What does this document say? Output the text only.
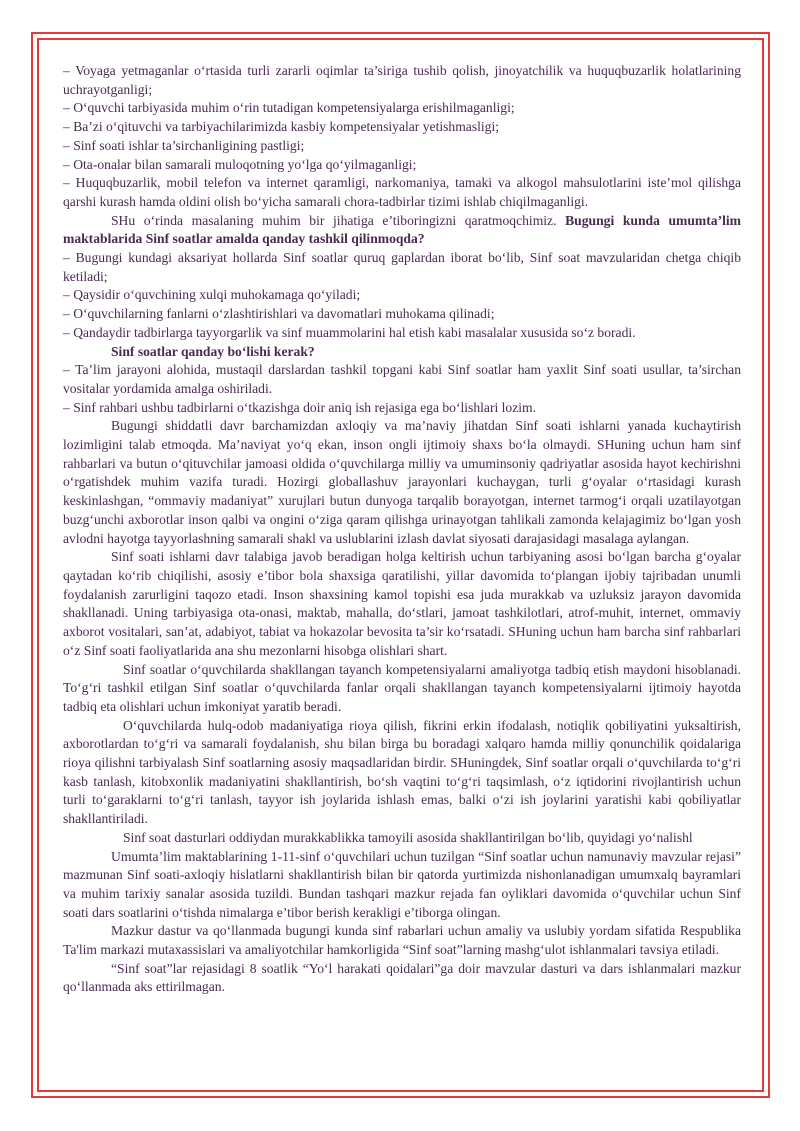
– Voyaga yetmaganlar o‘rtasida turli zararli oqimlar ta’siriga tushib qolish, jinoyatchilik va huquqbuzarlik holatlarining uchrayotganligi;

– O‘quvchi tarbiyasida muhim o‘rin tutadigan kompetensiyalarga erishilmaganligi;

– Ba’zi o‘qituvchi va tarbiyachilarimizda kasbiy kompetensiyalar yetishmasligi;

– Sinf soati ishlar ta’sirchanligining pastligi;

– Ota-onalar bilan samarali muloqotning yo‘lga qo‘yilmaganligi;

– Huquqbuzarlik, mobil telefon va internet qaramligi, narkomaniya, tamaki va alkogol mahsulotlarini iste’mol qilishga qarshi kurash hamda oldini olish bo‘yicha samarali chora-tadbirlar tizimi ishlab chiqilmaganligi.

SHu o‘rinda masalaning muhim bir jihatiga e’tiboringizni qaratmoqchimiz. Bugungi kunda umumta’lim maktablarida Sinf soatlar amalda qanday tashkil qilinmoqda?

– Bugungi kundagi aksariyat hollarda Sinf soatlar quruq gaplardan iborat bo‘lib, Sinf soat mavzularidan chetga chiqib ketiladi;

– Qaysidir o‘quvchining xulqi muhokamaga qo‘yiladi;

– O‘quvchilarning fanlarni o‘zlashtirishlari va davomatlari muhokama qilinadi;

– Qandaydir tadbirlarga tayyorgarlik va sinf muammolarini hal etish kabi masalalar xususida so‘z boradi.

Sinf soatlar qanday bo‘lishi kerak?

– Ta’lim jarayoni alohida, mustaqil darslardan tashkil topgani kabi Sinf soatlar ham yaxlit Sinf soati usullar, ta’sirchan vositalar yordamida amalga oshiriladi.

– Sinf rahbari ushbu tadbirlarni o‘tkazishga doir aniq ish rejasiga ega bo‘lishlari lozim.

Bugungi shiddatli davr barchamizdan axloqiy va ma’naviy jihatdan Sinf soati ishlarni yanada kuchaytirish lozimligini talab etmoqda. Ma’naviyat yo‘q ekan, inson ongli ijtimoiy shaxs bo‘la olmaydi. SHuning uchun ham sinf rahbarlari va butun o‘qituvchilar jamoasi oldida o‘quvchilarga milliy va umuminsoniy qadriyatlar asosida hayot kechirishni o‘rgatishdek muhim vazifa turadi. Hozirgi globallashuv jarayonlari kuchaygan, turli g‘oyalar o‘rtasidagi kurash keskinlashgan, “ommaviy madaniyat” xurujlari butun dunyoga tarqalib borayotgan, internet tarmog‘i orqali uzatilayotgan buzg‘unchi axborotlar inson qalbi va ongini o‘ziga qaram qilishga urinayotgan tahlikali zamonda kelajagimiz bo‘lgan yosh avlodni hayotga tayyorlashning samarali shakl va uslublarini izlash davlat siyosati darajasidagi masalaga aylangan.

Sinf soati ishlarni davr talabiga javob beradigan holga keltirish uchun tarbiyaning asosi bo‘lgan barcha g‘oyalar qaytadan ko‘rib chiqilishi, asosiy e’tibor bola shaxsiga qaratilishi, yillar davomida to‘plangan ijobiy tajribadan unumli foydalanish zarurligini taqozo etadi. Inson shaxsining kamol topishi esa juda murakkab va uzluksiz jarayon davomida shakllanadi. Uning tarbiyasiga ota-onasi, maktab, mahalla, do‘stlari, jamoat tashkilotlari, atrof-muhit, internet, ommaviy axborot vositalari, san’at, adabiyot, tabiat va hokazolar bevosita ta’sir ko‘rsatadi. SHuning uchun ham barcha sinf rahbarlari o‘z Sinf soati faoliyatlarida ana shu mezonlarni hisobga olishlari shart.

Sinf soatlar o‘quvchilarda shakllangan tayanch kompetensiyalarni amaliyotga tadbiq etish maydoni hisoblanadi. To‘g‘ri tashkil etilgan Sinf soatlar o‘quvchilarda fanlar orqali shakllangan tayanch kompetensiyalarni ijtimoiy hayotda tadbiq eta olishlari uchun imkoniyat yaratib beradi.

O‘quvchilarda hulq-odob madaniyatiga rioya qilish, fikrini erkin ifodalash, notiqlik qobiliyatini yuksaltirish, axborotlardan to‘g‘ri va samarali foydalanish, shu bilan birga bu boradagi xalqaro hamda milliy qonunchilik qoidalariga rioya qilishni tarbiyalash Sinf soatlarning asosiy maqsadlaridan birdir. SHuningdek, Sinf soatlar orqali o‘quvchilarda to‘g‘ri kasb tanlash, kitobxonlik madaniyatini shakllantirish, bo‘sh vaqtini to‘g‘ri taqsimlash, o‘z iqtidorini rivojlantirish uchun turli to‘garaklarni to‘g‘ri tanlash, tayyor ish joylarida ishlash emas, balki o‘zi ish joylarini yaratishi kabi qobiliyatlar shakllantiriladi.

Sinf soat dasturlari oddiydan murakkablikka tamoyili asosida shakllantirilgan bo‘lib, quyidagi yo‘nalishl

Umumta’lim maktablarining 1-11-sinf o‘quvchilari uchun tuzilgan “Sinf soatlar uchun namunaviy mavzular rejasi” mazmunan Sinf soati-axloqiy hislatlarni shakllantirish bilan bir qatorda yurtimizda nishonlanadigan umumxalq bayramlari va muhim tarixiy sanalar asosida tuzildi. Bundan tashqari mazkur rejada fan oyliklari davomida o‘quvchilar uchun Sinf soati dars soatlarini o‘tishda nimalarga e’tibor berish kerakligi e’tiborga olingan.

Mazkur dastur va qo‘llanmada bugungi kunda sinf rabarlari uchun amaliy va uslubiy yordam sifatida Respublika Ta'lim markazi mutaxassislari va amaliyotchilar hamkorligida “Sinf soat”larning mashg‘ulot ishlanmalari tavsiya etiladi.

“Sinf soat”lar rejasidagi 8 soatlik “Yo‘l harakati qoidalari”ga doir mavzular dasturi va dars ishlanmalari mazkur qo‘llanmada aks ettirilmagan.
